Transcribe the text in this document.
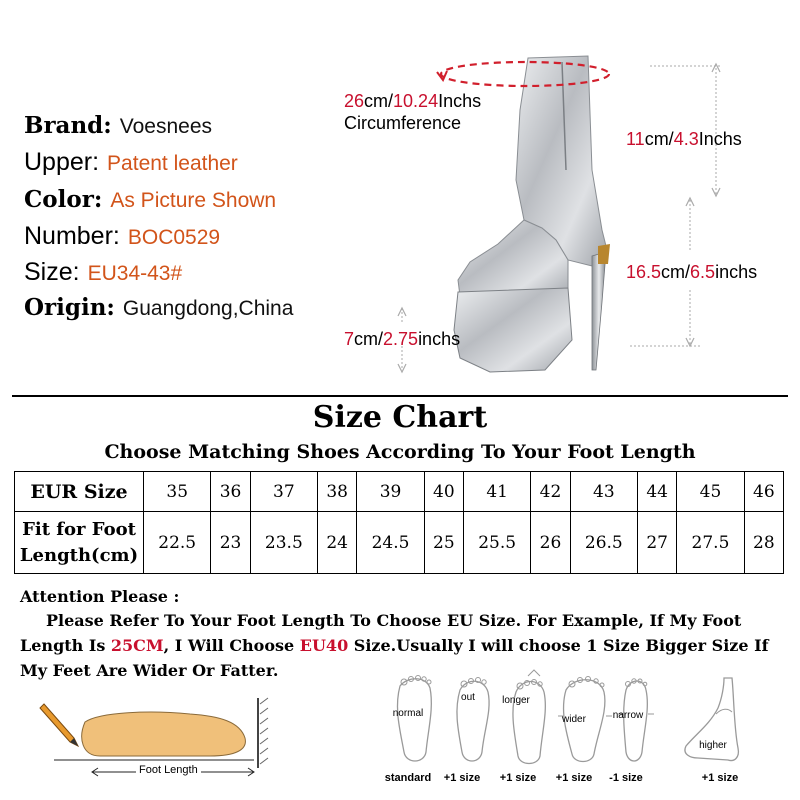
Brand: Voesnees
Upper: Patent leather
Color: As Picture Shown
Number: BOC0529
Size: EU34-43#
Origin: Guangdong,China
26cm/10.24Inchs
Circumference
11cm/4.3Inchs
16.5cm/6.5inchs
7cm/2.75inchs
Size Chart
Choose Matching Shoes According To Your Foot Length
EUR Size	35	36	37	38	39	40	41	42	43	44	45	46
Fit for Foot
Length(cm)	22.5	23	23.5	24	24.5	25	25.5	26	26.5	27	27.5	28
Attention Please :
Please Refer To Your Foot Length To Choose EU Size. For Example, If My Foot
Length Is 25CM, I Will Choose EU40 Size.Usually I will choose 1 Size Bigger Size If
My Feet Are Wider Or Fatter.
Foot Length
normal
out	longer
wider	narrow
higher
standard	+1 size	+1 size	+1 size	-1 size	+1 size
